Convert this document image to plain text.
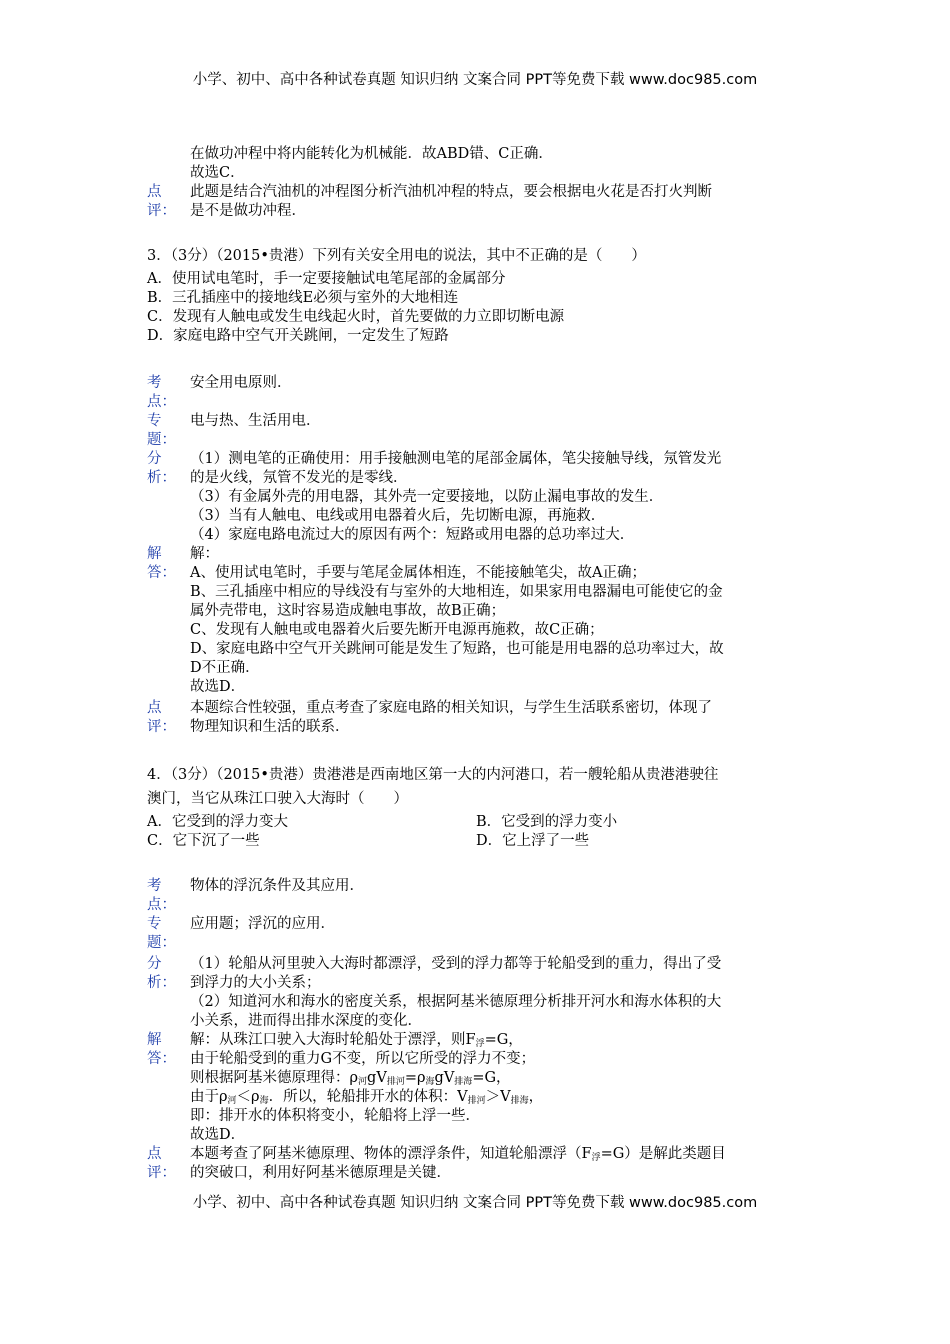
小学、初中、高中各种试卷真题 知识归纳 文案合同 PPT等免费下载 www.doc985.com
在做功冲程中将内能转化为机械能．故ABD错、C正确．
故选C．
点
评：
此题是结合汽油机的冲程图分析汽油机冲程的特点，要会根据电火花是否打火判断
是不是做功冲程．
3．（3分）（2015•贵港）下列有关安全用电的说法，其中不正确的是（　　）
A．使用试电笔时，手一定要接触试电笔尾部的金属部分
B．三孔插座中的接地线E必须与室外的大地相连
C．发现有人触电或发生电线起火时，首先要做的力立即切断电源
D．家庭电路中空气开关跳闸，一定发生了短路
考
点：
安全用电原则．
专
题：
电与热、生活用电．
分
析：
（1）测电笔的正确使用：用手接触测电笔的尾部金属体，笔尖接触导线，氖管发光
的是火线，氖管不发光的是零线．
（3）有金属外壳的用电器，其外壳一定要接地，以防止漏电事故的发生．
（3）当有人触电、电线或用电器着火后，先切断电源，再施救．
（4）家庭电路电流过大的原因有两个：短路或用电器的总功率过大．
解
答：
解：
A、使用试电笔时，手要与笔尾金属体相连，不能接触笔尖，故A正确；
B、三孔插座中相应的导线没有与室外的大地相连，如果家用电器漏电可能使它的金
属外壳带电，这时容易造成触电事故，故B正确；
C、发现有人触电或电器着火后要先断开电源再施救，故C正确；
D、家庭电路中空气开关跳闸可能是发生了短路，也可能是用电器的总功率过大，故
D不正确．
故选D．
点
评：
本题综合性较强，重点考查了家庭电路的相关知识，与学生生活联系密切，体现了
物理知识和生活的联系．
4．（3分）（2015•贵港）贵港港是西南地区第一大的内河港口，若一艘轮船从贵港港驶往
澳门，当它从珠江口驶入大海时（　　）
A．它受到的浮力变大	B．它受到的浮力变小
C．它下沉了一些	D．它上浮了一些
考
点：
物体的浮沉条件及其应用．
专
题：
应用题；浮沉的应用．
分
析：
（1）轮船从河里驶入大海时都漂浮，受到的浮力都等于轮船受到的重力，得出了受
到浮力的大小关系；
（2）知道河水和海水的密度关系，根据阿基米德原理分析排开河水和海水体积的大
小关系，进而得出排水深度的变化．
解
答：
解：从珠江口驶入大海时轮船处于漂浮，则$F_浮=G$，
由于轮船受到的重力G不变，所以它所受的浮力不变；
则根据阿基米德原理得：$\rho_河gV_{排河}=\rho_海gV_{排海}=G$，
由于$\rho_河<\rho_海$．所以，轮船排开水的体积：$V_{排河}>V_{排海}$，
即：排开水的体积将变小，轮船将上浮一些．
故选D．
点
评：
本题考查了阿基米德原理、物体的漂浮条件，知道轮船漂浮$(F_浮=G)$是解此类题目
的突破口，利用好阿基米德原理是关键．
小学、初中、高中各种试卷真题 知识归纳 文案合同 PPT等免费下载 www.doc985.com
